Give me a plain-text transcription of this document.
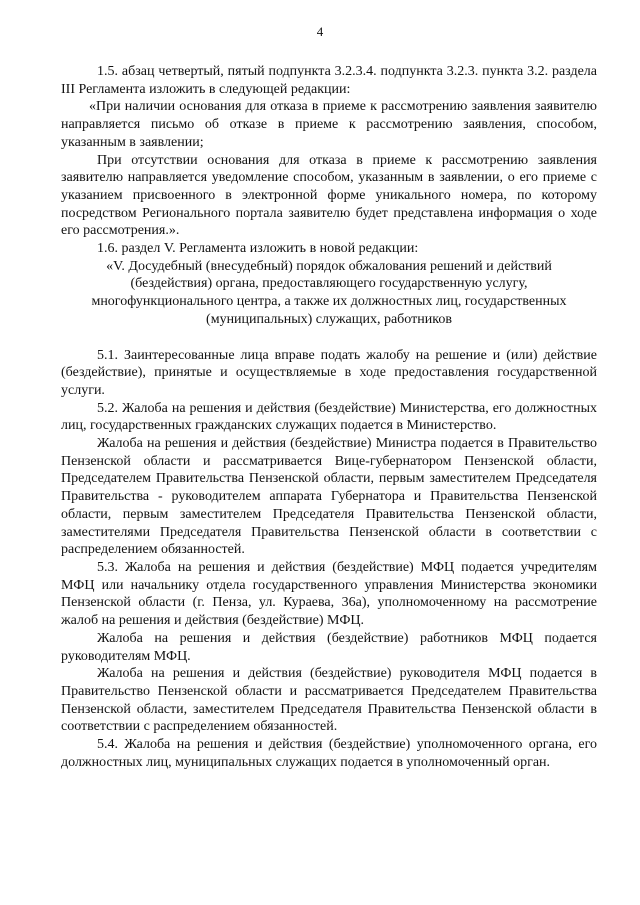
4

1.5. абзац четвертый, пятый подпункта 3.2.3.4. подпункта 3.2.3. пункта 3.2. раздела III Регламента изложить в следующей редакции:

«При наличии основания для отказа в приеме к рассмотрению заявления заявителю направляется письмо об отказе в приеме к рассмотрению заявления, способом, указанным в заявлении;

При отсутствии основания для отказа в приеме к рассмотрению заявления заявителю направляется уведомление способом, указанным в заявлении, о его приеме с указанием присвоенного в электронной форме уникального номера, по которому посредством Регионального портала заявителю будет представлена информация о ходе его рассмотрения.».

1.6. раздел V. Регламента изложить в новой редакции:

«V. Досудебный (внесудебный) порядок обжалования решений и действий

(бездействия) органа, предоставляющего государственную услугу,

многофункционального центра, а также их должностных лиц, государственных

(муниципальных) служащих, работников

5.1. Заинтересованные лица вправе подать жалобу на решение и (или) действие (бездействие), принятые и осуществляемые в ходе предоставления государственной услуги.

5.2. Жалоба на решения и действия (бездействие) Министерства, его должностных лиц, государственных гражданских служащих подается в Министерство.

Жалоба на решения и действия (бездействие) Министра подается в Правительство Пензенской области и рассматривается Вице-губернатором Пензенской области, Председателем Правительства Пензенской области, первым заместителем Председателя Правительства - руководителем аппарата Губернатора и Правительства Пензенской области, первым заместителем Председателя Правительства Пензенской области, заместителями Председателя Правительства Пензенской области в соответствии с распределением обязанностей.

5.3. Жалоба на решения и действия (бездействие) МФЦ подается учредителям МФЦ или начальнику отдела государственного управления Министерства экономики Пензенской области (г. Пенза, ул. Кураева, 36а), уполномоченному на рассмотрение жалоб на решения и действия (бездействие) МФЦ.

Жалоба на решения и действия (бездействие) работников МФЦ подается руководителям МФЦ.

Жалоба на решения и действия (бездействие) руководителя МФЦ подается в Правительство Пензенской области и рассматривается Председателем Правительства Пензенской области, заместителем Председателя Правительства Пензенской области в соответствии с распределением обязанностей.

5.4. Жалоба на решения и действия (бездействие) уполномоченного органа, его должностных лиц, муниципальных служащих подается в уполномоченный орган.
